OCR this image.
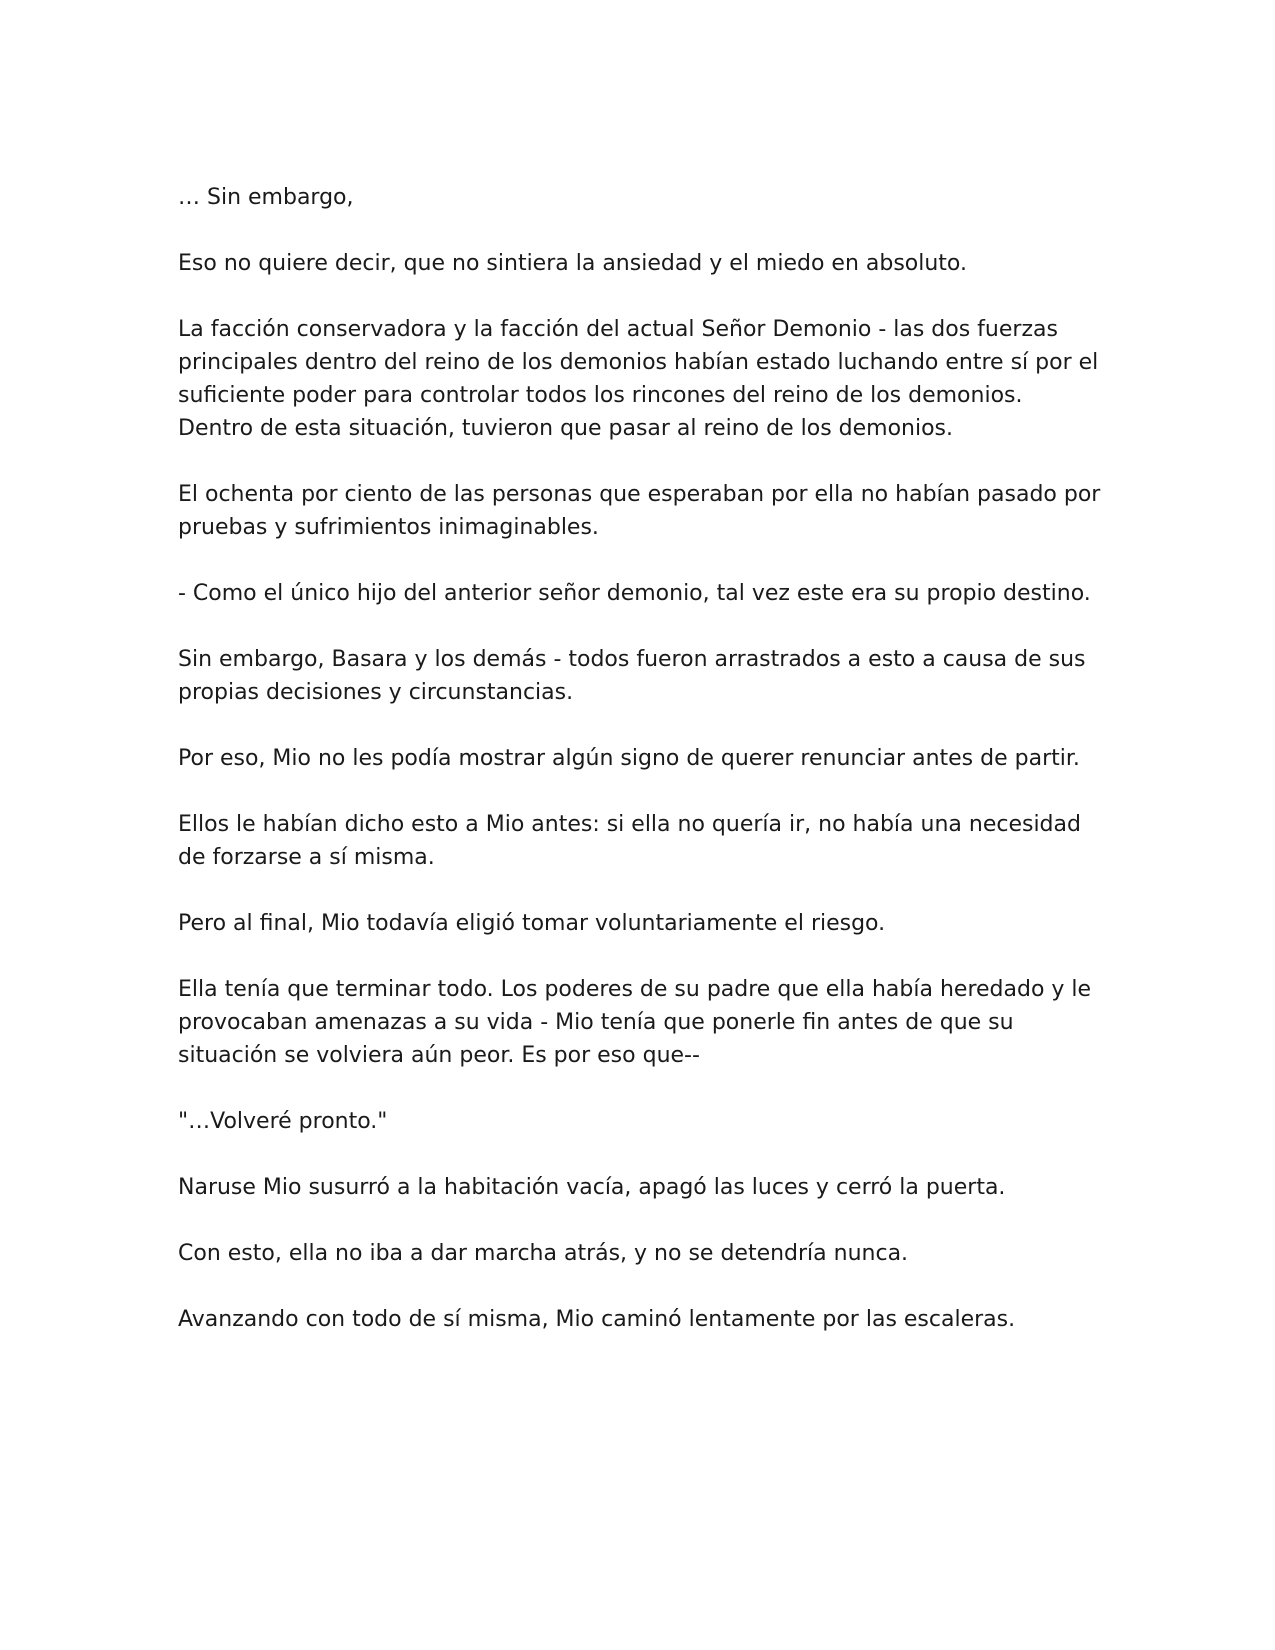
… Sin embargo,

Eso no quiere decir, que no sintiera la ansiedad y el miedo en absoluto.

La facción conservadora y la facción del actual Señor Demonio - las dos fuerzas
principales dentro del reino de los demonios habían estado luchando entre sí por el
suficiente poder para controlar todos los rincones del reino de los demonios.
Dentro de esta situación, tuvieron que pasar al reino de los demonios.

El ochenta por ciento de las personas que esperaban por ella no habían pasado por
pruebas y sufrimientos inimaginables.

- Como el único hijo del anterior señor demonio, tal vez este era su propio destino.

Sin embargo, Basara y los demás - todos fueron arrastrados a esto a causa de sus
propias decisiones y circunstancias.

Por eso, Mio no les podía mostrar algún signo de querer renunciar antes de partir.

Ellos le habían dicho esto a Mio antes: si ella no quería ir, no había una necesidad
de forzarse a sí misma.

Pero al final, Mio todavía eligió tomar voluntariamente el riesgo.

Ella tenía que terminar todo. Los poderes de su padre que ella había heredado y le
provocaban amenazas a su vida - Mio tenía que ponerle fin antes de que su
situación se volviera aún peor. Es por eso que--

"…Volveré pronto."

Naruse Mio susurró a la habitación vacía, apagó las luces y cerró la puerta.

Con esto, ella no iba a dar marcha atrás, y no se detendría nunca.

Avanzando con todo de sí misma, Mio caminó lentamente por las escaleras.
